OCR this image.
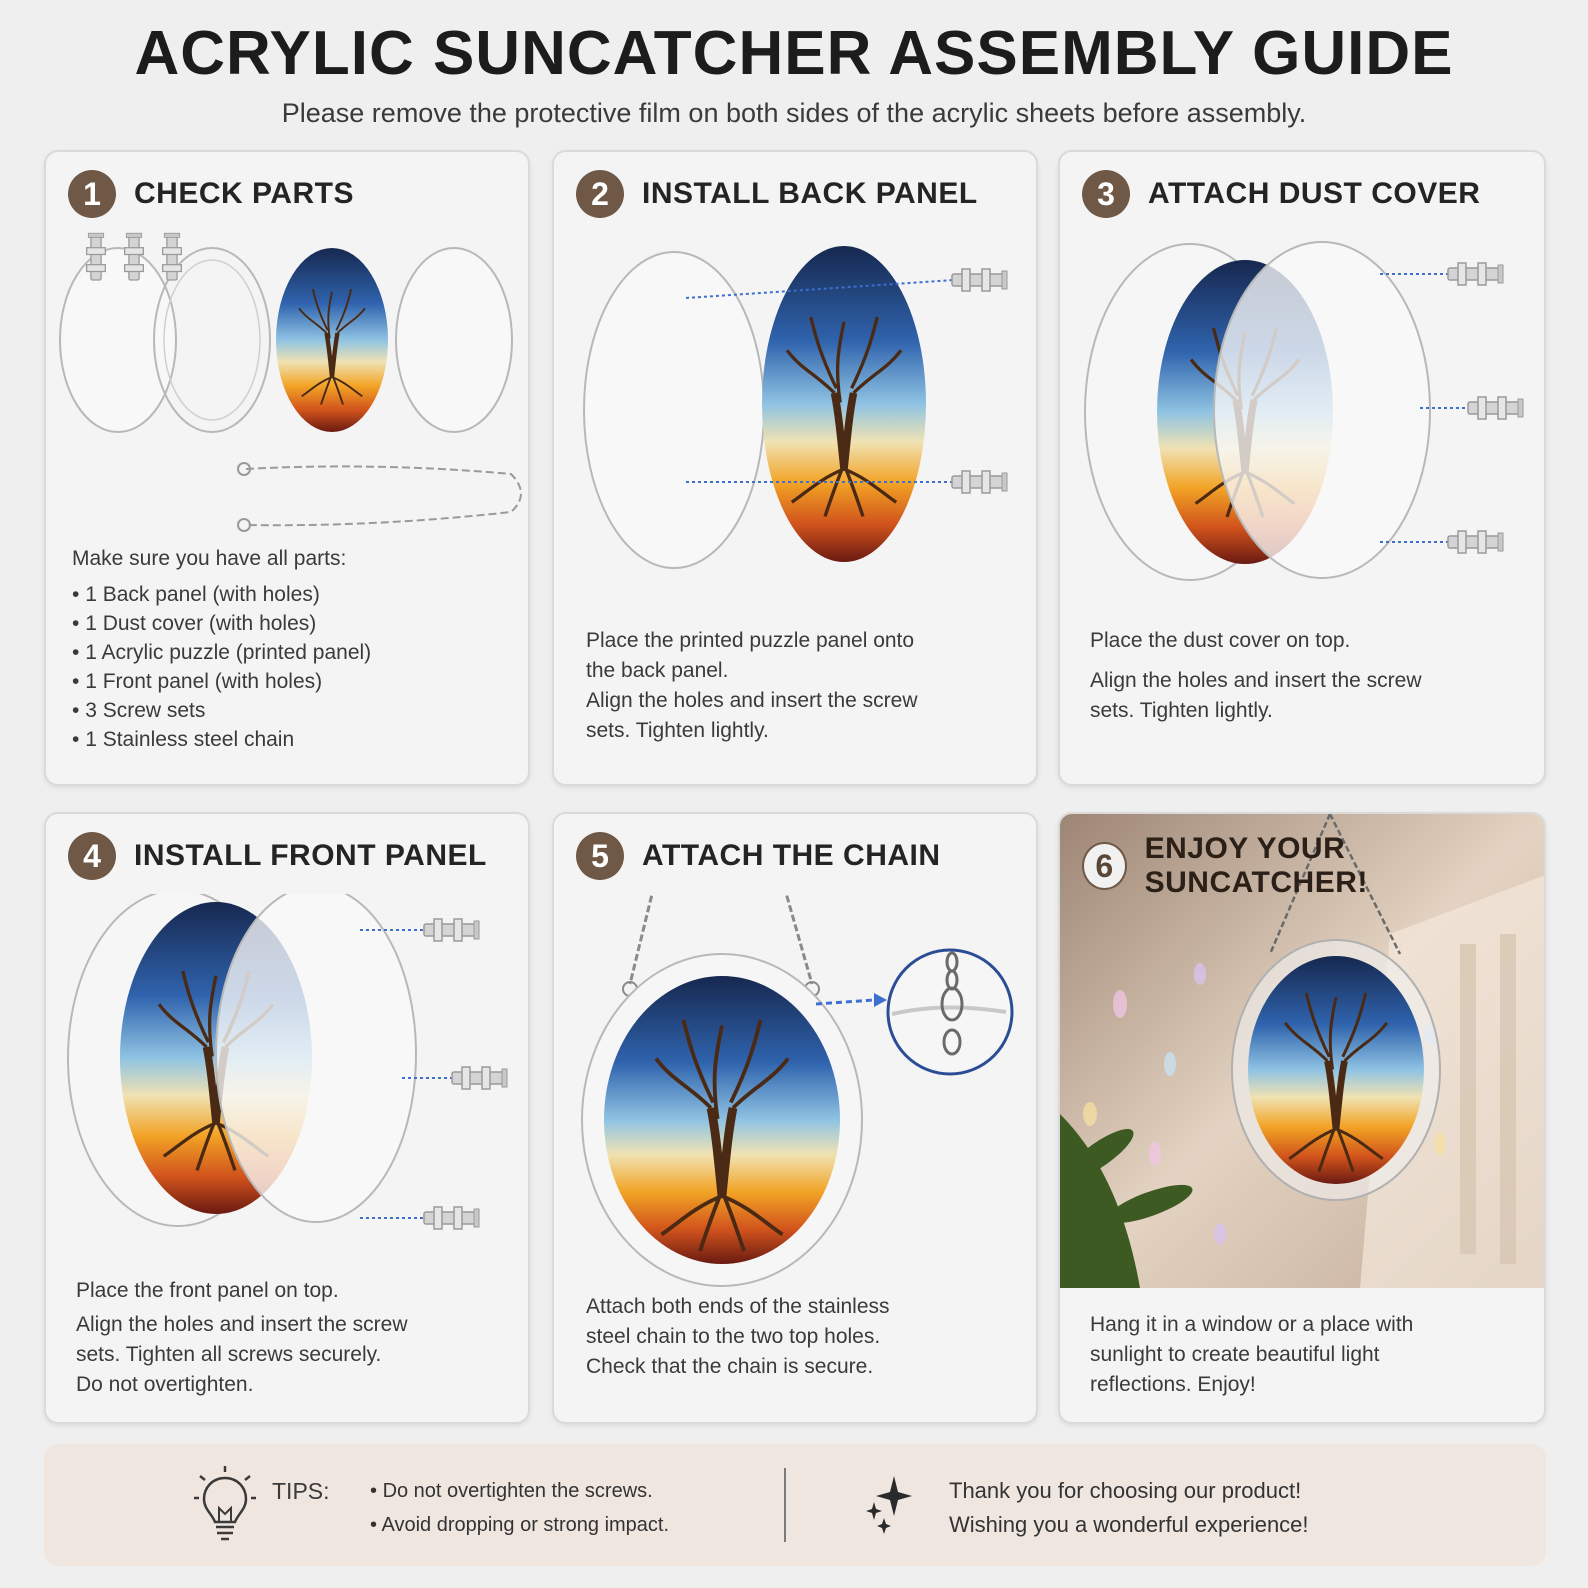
ACRYLIC SUNCATCHER ASSEMBLY GUIDE
Please remove the protective film on both sides of the acrylic sheets before assembly.
1	CHECK PARTS
Make sure you have all parts:
• 1 Back panel (with holes)
• 1 Dust cover (with holes)
• 1 Acrylic puzzle (printed panel)
• 1 Front panel (with holes)
• 3 Screw sets
• 1 Stainless steel chain
2	INSTALL BACK PANEL
Place the printed puzzle panel onto
the back panel.
Align the holes and insert the screw
sets. Tighten lightly.
3	ATTACH DUST COVER
Place the dust cover on top.
Align the holes and insert the screw
sets. Tighten lightly.
4	INSTALL FRONT PANEL
Place the front panel on top.
Align the holes and insert the screw
sets. Tighten all screws securely.
Do not overtighten.
5	ATTACH THE CHAIN
Attach both ends of the stainless
steel chain to the two top holes.
Check that the chain is secure.
6	ENJOY YOUR SUNCATCHER!
Hang it in a window or a place with
sunlight to create beautiful light
reflections. Enjoy!
TIPS:
•	Do not overtighten the screws.
• Avoid dropping or strong impact.
Thank you for choosing our product!
Wishing you a wonderful experience!
